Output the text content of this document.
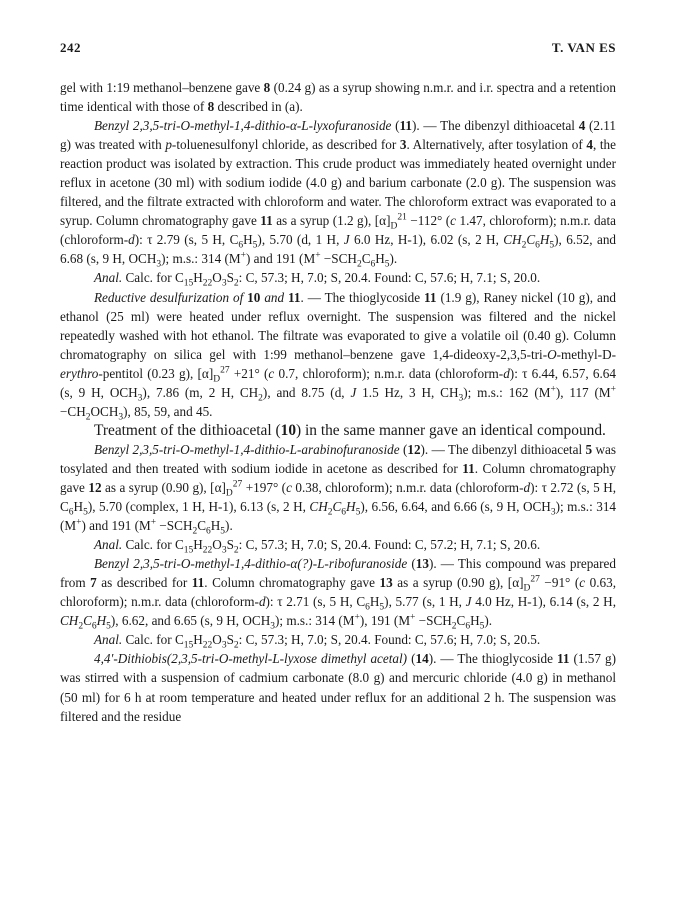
242	T. VAN ES

gel with 1:19 methanol–benzene gave 8 (0.24 g) as a syrup showing n.m.r. and i.r. spectra and a retention time identical with those of 8 described in (a).

Benzyl 2,3,5-tri-O-methyl-1,4-dithio-α-L-lyxofuranoside (11). — The dibenzyl dithioacetal 4 (2.11 g) was treated with p-toluenesulfonyl chloride, as described for 3. Alternatively, after tosylation of 4, the reaction product was isolated by extraction. This crude product was immediately heated overnight under reflux in acetone (30 ml) with sodium iodide (4.0 g) and barium carbonate (2.0 g). The suspension was filtered, and the filtrate extracted with chloroform and water. The chloroform extract was evaporated to a syrup. Column chromatography gave 11 as a syrup (1.2 g), $[\alpha]_D^{21} -112^\circ$ (c 1.47, chloroform); n.m.r. data (chloroform-d): τ 2.79 (s, 5 H, $C_6H_5$), 5.70 (d, 1 H, J 6.0 Hz, H-1), 6.02 (s, 2 H, $CH_2C_6H_5$), 6.52, and 6.68 (s, 9 H, $OCH_3$); m.s.: 314 (M+) and 191 $(M^+ -SCH_2C_6H_5)$.

Anal. Calc. for $C_{15}H_{22}O_3S_2$: C, 57.3; H, 7.0; S, 20.4. Found: C, 57.6; H, 7.1; S, 20.0.

Reductive desulfurization of 10 and 11. — The thioglycoside 11 (1.9 g), Raney nickel (10 g), and ethanol (25 ml) were heated under reflux overnight. The suspension was filtered and the nickel repeatedly washed with hot ethanol. The filtrate was evaporated to give a volatile oil (0.40 g). Column chromatography on silica gel with 1:99 methanol–benzene gave 1,4-dideoxy-2,3,5-tri-O-methyl-D-erythro-pentitol (0.23 g), $[\alpha]_D^{27} +21^\circ$ (c 0.7, chloroform); n.m.r. data (chloroform-d): τ 6.44, 6.57, 6.64 (s, 9 H, $OCH_3$), 7.86 (m, 2 H, $CH_2$), and 8.75 (d, J 1.5 Hz, 3 H, $CH_3$); m.s.: 162 (M+), 117 $(M^+ -CH_2OCH_3)$, 85, 59, and 45.

Treatment of the dithioacetal (10) in the same manner gave an identical compound.

Benzyl 2,3,5-tri-O-methyl-1,4-dithio-L-arabinofuranoside (12). — The dibenzyl dithioacetal 5 was tosylated and then treated with sodium iodide in acetone as described for 11. Column chromatography gave 12 as a syrup (0.90 g), $[\alpha]_D^{27} +197^\circ$ (c 0.38, chloroform); n.m.r. data (chloroform-d): τ 2.72 (s, 5 H, $C_6H_5$), 5.70 (complex, 1 H, H-1), 6.13 (s, 2 H, $CH_2C_6H_5$), 6.56, 6.64, and 6.66 (s, 9 H, $OCH_3$); m.s.: 314 (M+) and 191 $(M^+ -SCH_2C_6H_5)$.

Anal. Calc. for $C_{15}H_{22}O_3S_2$: C, 57.3; H, 7.0; S, 20.4. Found: C, 57.2; H, 7.1; S, 20.6.

Benzyl 2,3,5-tri-O-methyl-1,4-dithio-α(?)-L-ribofuranoside (13). — This compound was prepared from 7 as described for 11. Column chromatography gave 13 as a syrup (0.90 g), $[\alpha]_D^{27} -91^\circ$ (c 0.63, chloroform); n.m.r. data (chloroform-d): τ 2.71 (s, 5 H, $C_6H_5$), 5.77 (s, 1 H, J 4.0 Hz, H-1), 6.14 (s, 2 H, $CH_2C_6H_5$), 6.62, and 6.65 (s, 9 H, $OCH_3$); m.s.: 314 (M+), 191 $(M^+ -SCH_2C_6H_5)$.

Anal. Calc. for $C_{15}H_{22}O_3S_2$: C, 57.3; H, 7.0; S, 20.4. Found: C, 57.6; H, 7.0; S, 20.5.

4,4′-Dithiobis(2,3,5-tri-O-methyl-L-lyxose dimethyl acetal) (14). — The thioglycoside 11 (1.57 g) was stirred with a suspension of cadmium carbonate (8.0 g) and mercuric chloride (4.0 g) in methanol (50 ml) for 6 h at room temperature and heated under reflux for an additional 2 h. The suspension was filtered and the residue
